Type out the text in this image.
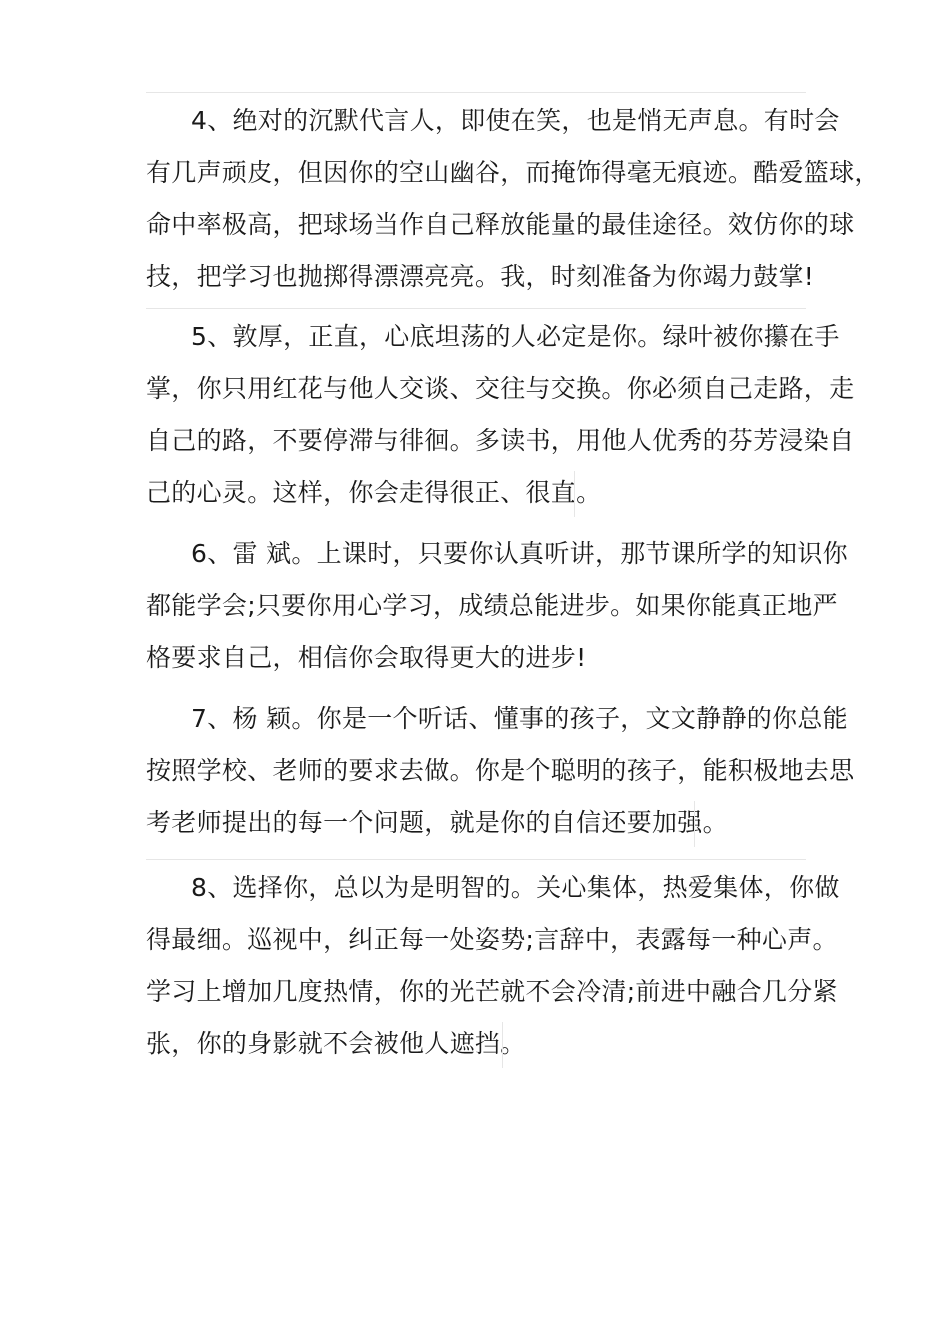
4、绝对的沉默代言人，即使在笑，也是悄无声息。有时会
有几声顽皮，但因你的空山幽谷，而掩饰得毫无痕迹。酷爱篮球，
命中率极高，把球场当作自己释放能量的最佳途径。效仿你的球
技，把学习也抛掷得漂漂亮亮。我，时刻准备为你竭力鼓掌!
5、敦厚，正直，心底坦荡的人必定是你。绿叶被你攥在手
掌，你只用红花与他人交谈、交往与交换。你必须自己走路，走
自己的路，不要停滞与徘徊。多读书，用他人优秀的芬芳浸染自
己的心灵。这样，你会走得很正、很直。
6、雷 斌。上课时，只要你认真听讲，那节课所学的知识你
都能学会;只要你用心学习，成绩总能进步。如果你能真正地严
格要求自己，相信你会取得更大的进步!
7、杨 颖。你是一个听话、懂事的孩子，文文静静的你总能
按照学校、老师的要求去做。你是个聪明的孩子，能积极地去思
考老师提出的每一个问题，就是你的自信还要加强。
8、选择你，总以为是明智的。关心集体，热爱集体，你做
得最细。巡视中，纠正每一处姿势;言辞中，表露每一种心声。
学习上增加几度热情，你的光芒就不会冷清;前进中融合几分紧
张，你的身影就不会被他人遮挡。
